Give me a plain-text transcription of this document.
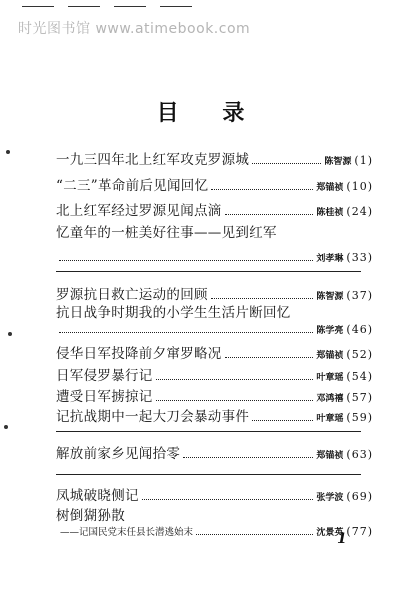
时光图书馆 www.atimebook.com
目 录
一九三四年北上红军攻克罗源城	陈智源 (1)
“二三”革命前后见闻回忆	郑锚祯 (10)
北上红军经过罗源见闻点滴	陈桂祯 (24)
忆童年的一桩美好往事——见到红军
刘孝琳 (33)
罗源抗日救亡运动的回顾	陈智源 (37)
抗日战争时期我的小学生生活片断回忆
陈学亮 (46)
侵华日军投降前夕窜罗略况	郑锚祯 (52)
日军侵罗暴行记	叶章瑶 (54)
遭受日军掳掠记	邓鸿禧 (57)
记抗战期中一起大刀会暴动事件	叶章瑶 (59)
解放前家乡见闻拾零	郑锚祯 (63)
凤城破晓侧记	张学波 (69)
树倒猢狲散
——记国民党末任县长潜逃始末	沈景英 (77)
1
